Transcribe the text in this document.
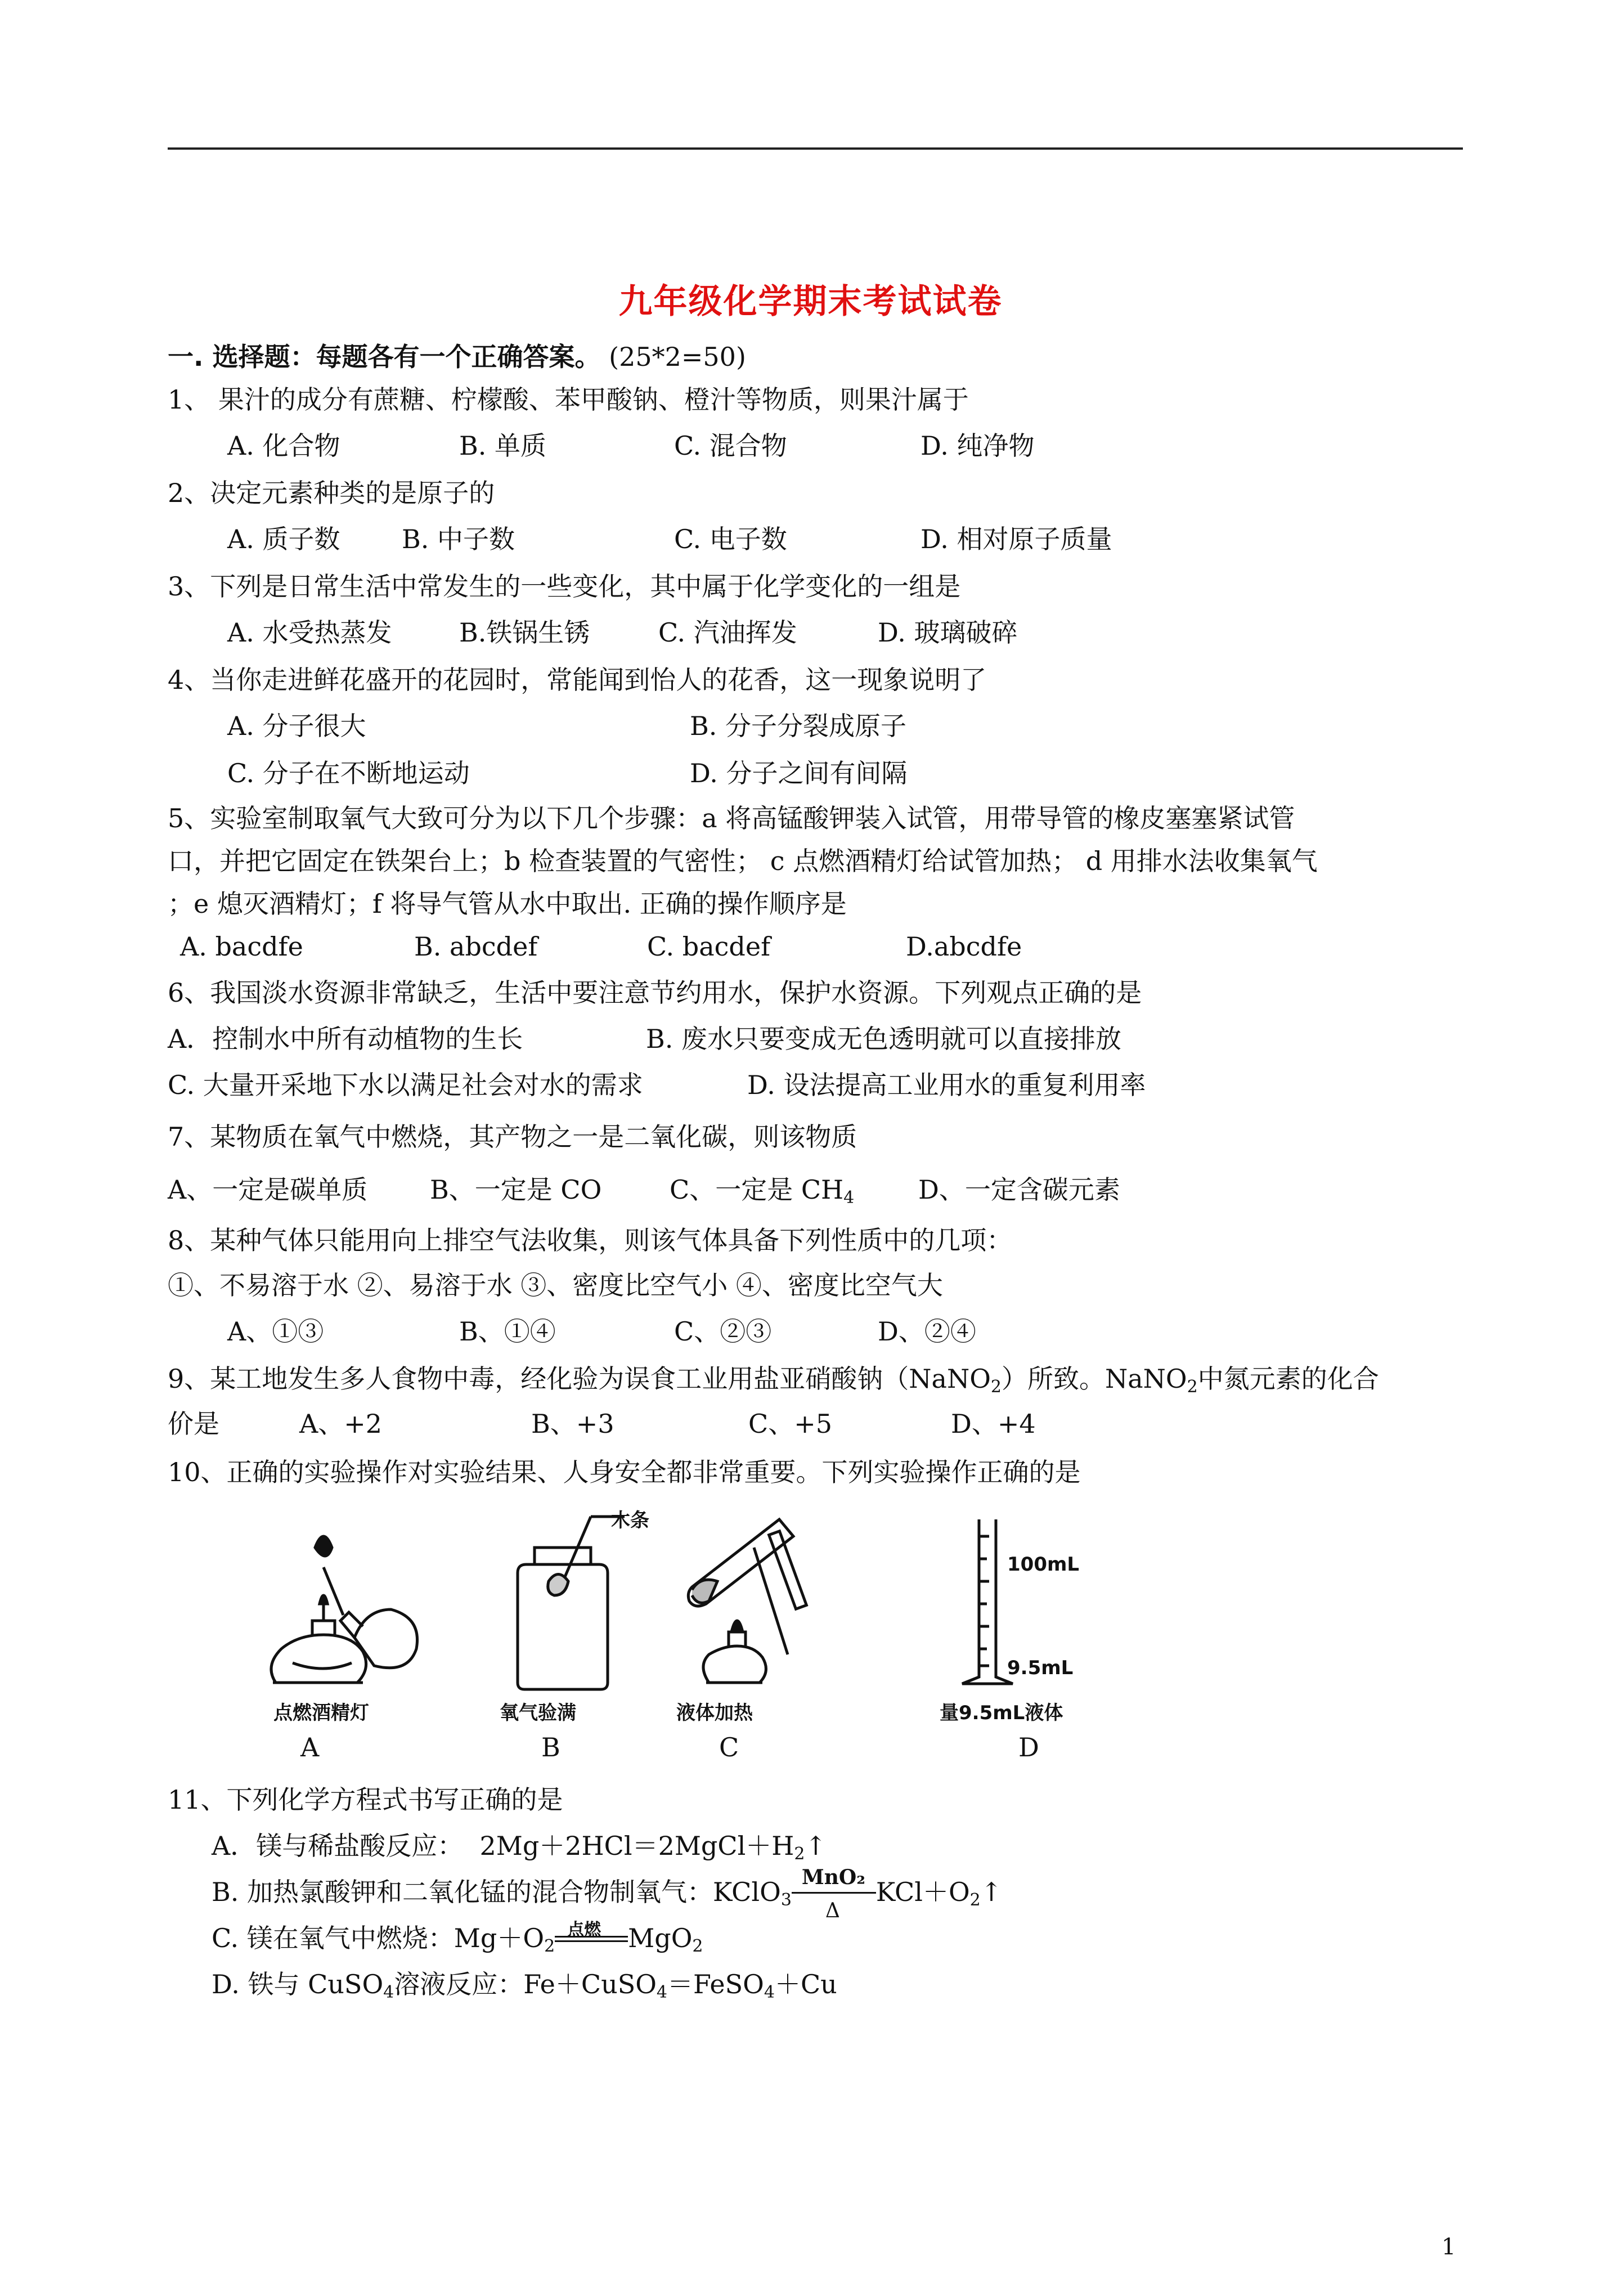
九年级化学期末考试试卷
一. 选择题：每题各有一个正确答案。 (25*2=50)
1、 果汁的成分有蔗糖、柠檬酸、苯甲酸钠、橙汁等物质，则果汁属于
A. 化合物	B. 单质	C. 混合物	D. 纯净物
2、决定元素种类的是原子的
A. 质子数 B. 中子数	C. 电子数	D. 相对原子质量
3、下列是日常生活中常发生的一些变化，其中属于化学变化的一组是
A. 水受热蒸发	B.铁锅生锈	C. 汽油挥发	D. 玻璃破碎
4、当你走进鲜花盛开的花园时，常能闻到怡人的花香，这一现象说明了
A. 分子很大	B. 分子分裂成原子
C. 分子在不断地运动	D. 分子之间有间隔
5、实验室制取氧气大致可分为以下几个步骤：a 将高锰酸钾装入试管，用带导管的橡皮塞塞紧试管
口，并把它固定在铁架台上；b 检查装置的气密性； c 点燃酒精灯给试管加热； d 用排水法收集氧气
；e 熄灭酒精灯；f 将导气管从水中取出. 正确的操作顺序是
A. bacdfe	B. abcdef	C. bacdef	D.abcdfe
6、我国淡水资源非常缺乏，生活中要注意节约用水，保护水资源。下列观点正确的是
A．控制水中所有动植物的生长	B. 废水只要变成无色透明就可以直接排放
C. 大量开采地下水以满足社会对水的需求	D. 设法提高工业用水的重复利用率
7、某物质在氧气中燃烧，其产物之一是二氧化碳，则该物质
A、一定是碳单质 B、一定是 CO	C、一定是 $CH_4$ D、一定含碳元素
8、某种气体只能用向上排空气法收集，则该气体具备下列性质中的几项：
①、不易溶于水 ②、易溶于水 ③、密度比空气小 ④、密度比空气大
A、①③	B、①④	C、②③	D、②④
9、某工地发生多人食物中毒，经化验为误食工业用盐亚硝酸钠（NaNO$_2$）所致。NaNO$_2$中氮元素的化合
价是	A、+2	B、+3	C、+5	D、+4
10、正确的实验操作对实验结果、人身安全都非常重要。下列实验操作正确的是
点燃酒精灯
A
木条
氧气验满
B
液体加热
C
100mL
9.5mL
量9.5mL液体
D
11、下列化学方程式书写正确的是
A．镁与稀盐酸反应：  $2Mg+2HCl=2MgCl+H_2↑$
B. 加热氯酸钾和二氧化锰的混合物制氧气：KClO$_3$
MnO₂
Δ
$KCl+O_2↑$
C. 镁在氧气中燃烧：$Mg+O_2$
点燃 MgO$_2$
D. 铁与 CuSO$_4$溶液反应：Fe＋CuSO$_4$＝FeSO$_4$＋Cu
1
